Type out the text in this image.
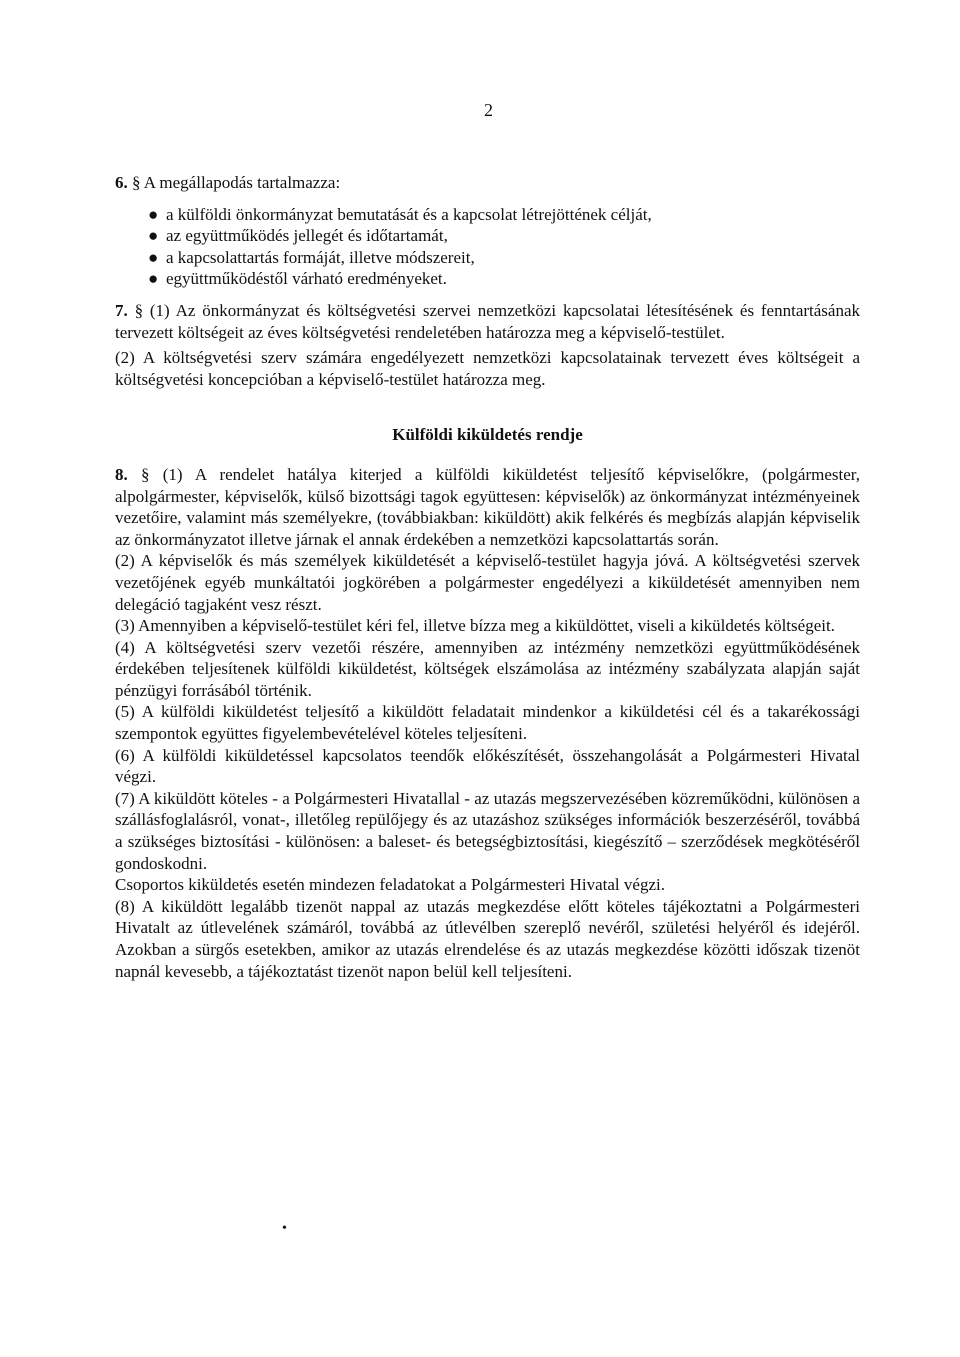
2

6. § A megállapodás tartalmazza:

● a külföldi önkormányzat bemutatását és a kapcsolat létrejöttének célját,
● az együttműködés jellegét és időtartamát,
● a kapcsolattartás formáját, illetve módszereit,
● együttműködéstől várható eredményeket.

7. § (1) Az önkormányzat és költségvetési szervei nemzetközi kapcsolatai létesítésének és fenntartásának tervezett költségeit az éves költségvetési rendeletében határozza meg a képviselő-testület.

(2) A költségvetési szerv számára engedélyezett nemzetközi kapcsolatainak tervezett éves költségeit a költségvetési koncepcióban a képviselő-testület határozza meg.

Külföldi kiküldetés rendje

8. § (1) A rendelet hatálya kiterjed a külföldi kiküldetést teljesítő képviselőkre, (polgármester, alpolgármester, képviselők, külső bizottsági tagok együttesen: képviselők) az önkormányzat intézményeinek vezetőire, valamint más személyekre, (továbbiakban: kiküldött) akik felkérés és megbízás alapján képviselik az önkormányzatot illetve járnak el annak érdekében a nemzetközi kapcsolattartás során.

(2) A képviselők és más személyek kiküldetését a képviselő-testület hagyja jóvá. A költségvetési szervek vezetőjének egyéb munkáltatói jogkörében a polgármester engedélyezi a kiküldetését amennyiben nem delegáció tagjaként vesz részt.

(3) Amennyiben a képviselő-testület kéri fel, illetve bízza meg a kiküldöttet, viseli a kiküldetés költségeit.

(4) A költségvetési szerv vezetői részére, amennyiben az intézmény nemzetközi együttműködésének érdekében teljesítenek külföldi kiküldetést, költségek elszámolása az intézmény szabályzata alapján saját pénzügyi forrásából történik.

(5) A külföldi kiküldetést teljesítő a kiküldött feladatait mindenkor a kiküldetési cél és a takarékossági szempontok együttes figyelembevételével köteles teljesíteni.

(6) A külföldi kiküldetéssel kapcsolatos teendők előkészítését, összehangolását a Polgármesteri Hivatal végzi.

(7) A kiküldött köteles - a Polgármesteri Hivatallal - az utazás megszervezésében közreműködni, különösen a szállásfoglalásról, vonat-, illetőleg repülőjegy és az utazáshoz szükséges információk beszerzéséről, továbbá a szükséges biztosítási - különösen: a baleset- és betegségbiztosítási, kiegészítő – szerződések megkötéséről gondoskodni.

Csoportos kiküldetés esetén mindezen feladatokat a Polgármesteri Hivatal végzi.

(8) A kiküldött legalább tizenöt nappal az utazás megkezdése előtt köteles tájékoztatni a Polgármesteri Hivatalt az útlevelének számáról, továbbá az útlevélben szereplő nevéről, születési helyéről és idejéről. Azokban a sürgős esetekben, amikor az utazás elrendelése és az utazás megkezdése közötti időszak tizenöt napnál kevesebb, a tájékoztatást tizenöt napon belül kell teljesíteni.

•
